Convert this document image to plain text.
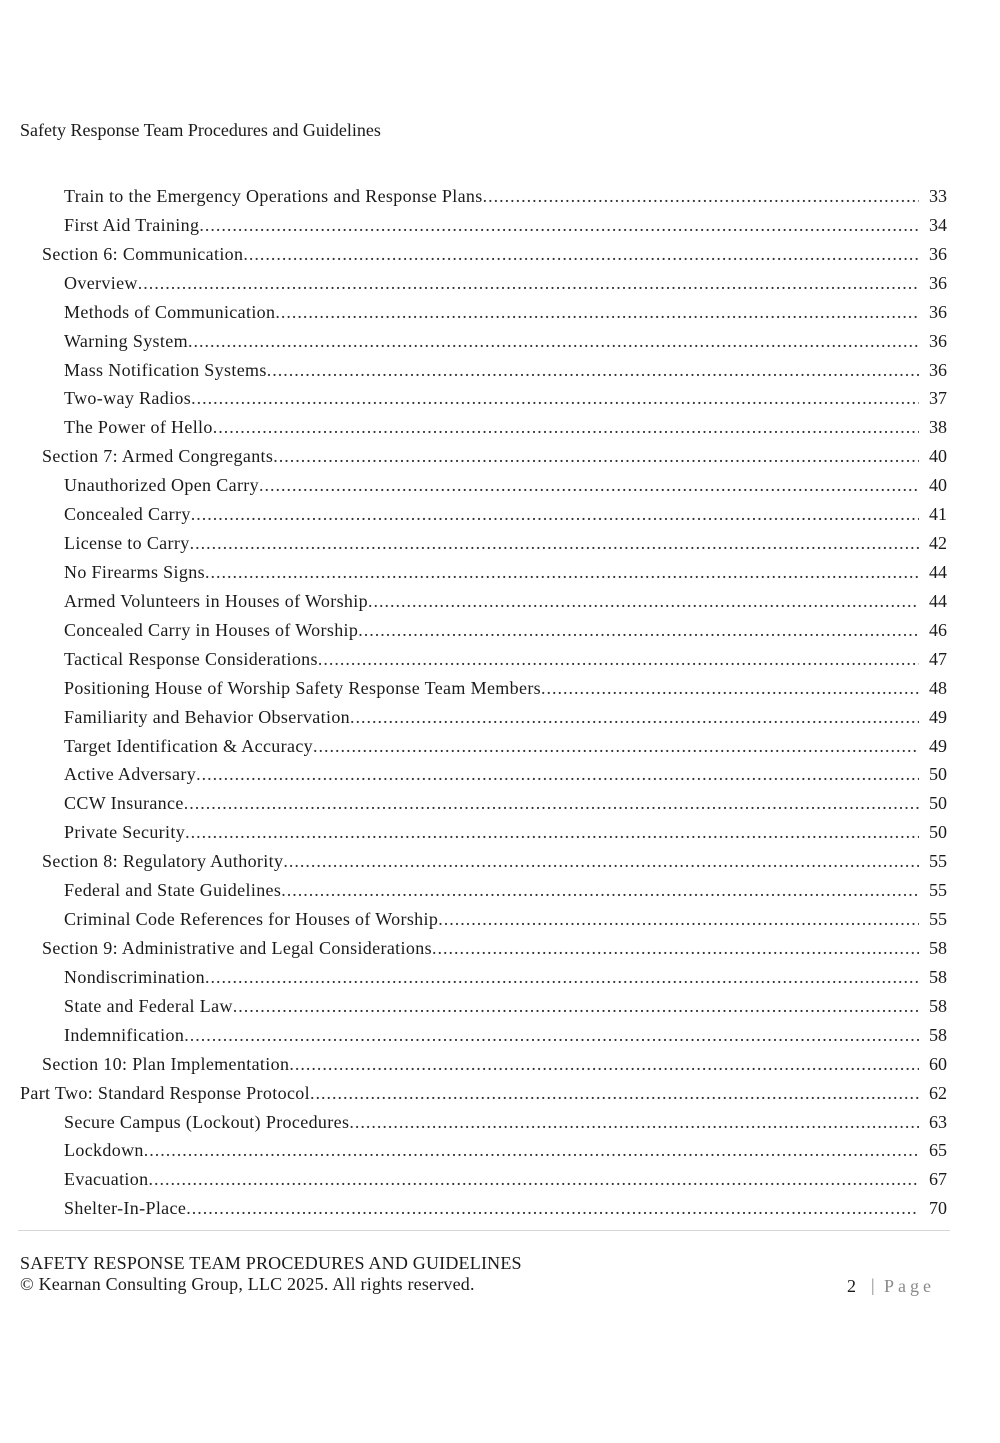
Safety Response Team Procedures and Guidelines
Train to the Emergency Operations and Response Plans .....	33
First Aid Training .....	34
Section 6: Communication .....	36
Overview .....	36
Methods of Communication .....	36
Warning System .....	36
Mass Notification Systems .....	36
Two-way Radios .....	37
The Power of Hello .....	38
Section 7: Armed Congregants .....	40
Unauthorized Open Carry .....	40
Concealed Carry .....	41
License to Carry .....	42
No Firearms Signs .....	44
Armed Volunteers in Houses of Worship .....	44
Concealed Carry in Houses of Worship .....	46
Tactical Response Considerations .....	47
Positioning House of Worship Safety Response Team Members .....	48
Familiarity and Behavior Observation .....	49
Target Identification & Accuracy .....	49
Active Adversary .....	50
CCW Insurance .....	50
Private Security .....	50
Section 8: Regulatory Authority .....	55
Federal and State Guidelines .....	55
Criminal Code References for Houses of Worship .....	55
Section 9: Administrative and Legal Considerations .....	58
Nondiscrimination .....	58
State and Federal Law .....	58
Indemnification .....	58
Section 10: Plan Implementation .....	60
Part Two: Standard Response Protocol .....	62
Secure Campus (Lockout) Procedures .....	63
Lockdown .....	65
Evacuation .....	67
Shelter-In-Place .....	70
SAFETY RESPONSE TEAM PROCEDURES AND GUIDELINES
© Kearnan Consulting Group, LLC 2025. All rights reserved.	2 | Page
